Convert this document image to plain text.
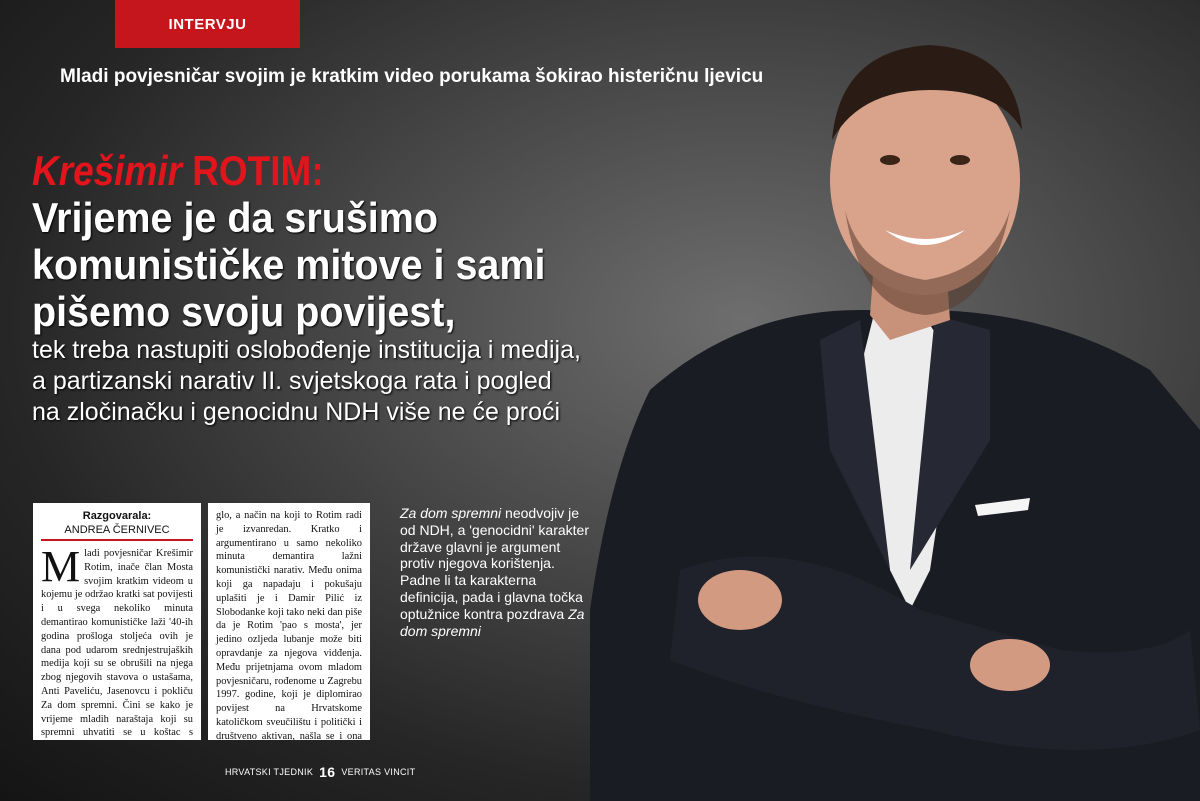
INTERVJU
Mladi povjesničar svojim je kratkim video porukama šokirao histeričnu ljevicu
Krešimir ROTIM:
Vrijeme je da srušimo
komunističke mitove i sami
pišemo svoju povijest,
tek treba nastupiti oslobođenje institucija i medija,
a partizanski narativ II. svjetskoga rata i pogled
na zločinačku i genocidnu NDH više ne će proći
Razgovarala:
ANDREA ČERNIVEC
M ladi povjesničar Krešimir Rotim, inače član Mosta svojim kratkim videom u kojemu je održao kratki sat povijesti i u svega nekoliko minuta demantirao komunističke laži '40-ih godina prošloga stoljeća ovih je dana pod udarom srednjestrujaških medija koji su se obrušili na njega zbog njegovih stavova o ustašama, Anti Paveliću, Jasenovcu i pokliču Za dom spremni. Čini se kako je vrijeme mladih naraštaja koji su spremni uhvatiti se u koštac s
glo, a način na koji to Rotim radi je izvanredan. Kratko i argumentirano u samo nekoliko minuta demantira lažni komunistički narativ. Među onima koji ga napadaju i pokušaju uplašiti je i Damir Pilić iz Slobodanke koji tako neki dan piše da je Rotim 'pao s mosta', jer jedino ozljeda lubanje može biti opravdanje za njegova vidđenja. Među prijetnjama ovom mladom povjesničaru, rođenome u Zagrebu 1997. godine, koji je diplomirao povijest na Hrvatskome katoličkom sveučilištu i politički i društveno aktivan, našla se i ona
Za dom spremni neodvojiv je od NDH, a 'genocidni' karakter države glavni je argument protiv njegova korištenja. Padne li ta karakterna definicija, pada i glavna točka optužnice kontra pozdrava Za dom spremni
HRVATSKI TJEDNIK 16 VERITAS VINCIT
